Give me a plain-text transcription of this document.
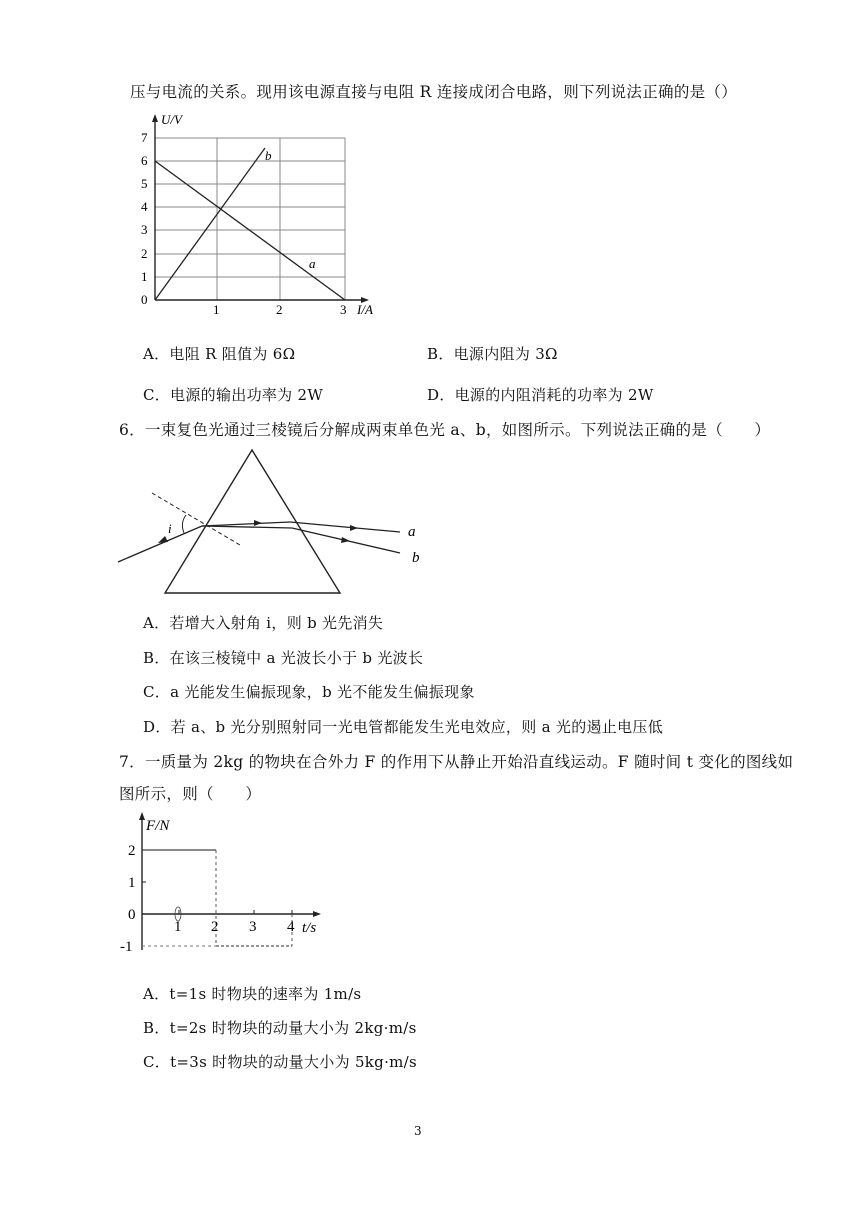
压与电流的关系。现用该电源直接与电阻 R 连接成闭合电路，则下列说法正确的是（）
U/V
I/A
7
6
5
4
3
2
1
0
1	2	3
b
a
A．电阻 R 阻值为 6Ω	B．电源内阻为 3Ω
C．电源的输出功率为 2W	D．电源的内阻消耗的功率为 2W
6．一束复色光通过三棱镜后分解成两束单色光 a、b，如图所示。下列说法正确的是（　　）
i	a
b
A．若增大入射角 i，则 b 光先消失
B．在该三棱镜中 a 光波长小于 b 光波长
C．a 光能发生偏振现象，b 光不能发生偏振现象
D．若 a、b 光分别照射同一光电管都能发生光电效应，则 a 光的遏止电压低
7．一质量为 2kg 的物块在合外力 F 的作用下从静止开始沿直线运动。F 随时间 t 变化的图线如
图所示，则（　　）
F/N
t/s
2
1
0
-1
1 2 3 4
A．t=1s 时物块的速率为 1m/s
B．t=2s 时物块的动量大小为 2kg·m/s
C．t=3s 时物块的动量大小为 5kg·m/s
3
